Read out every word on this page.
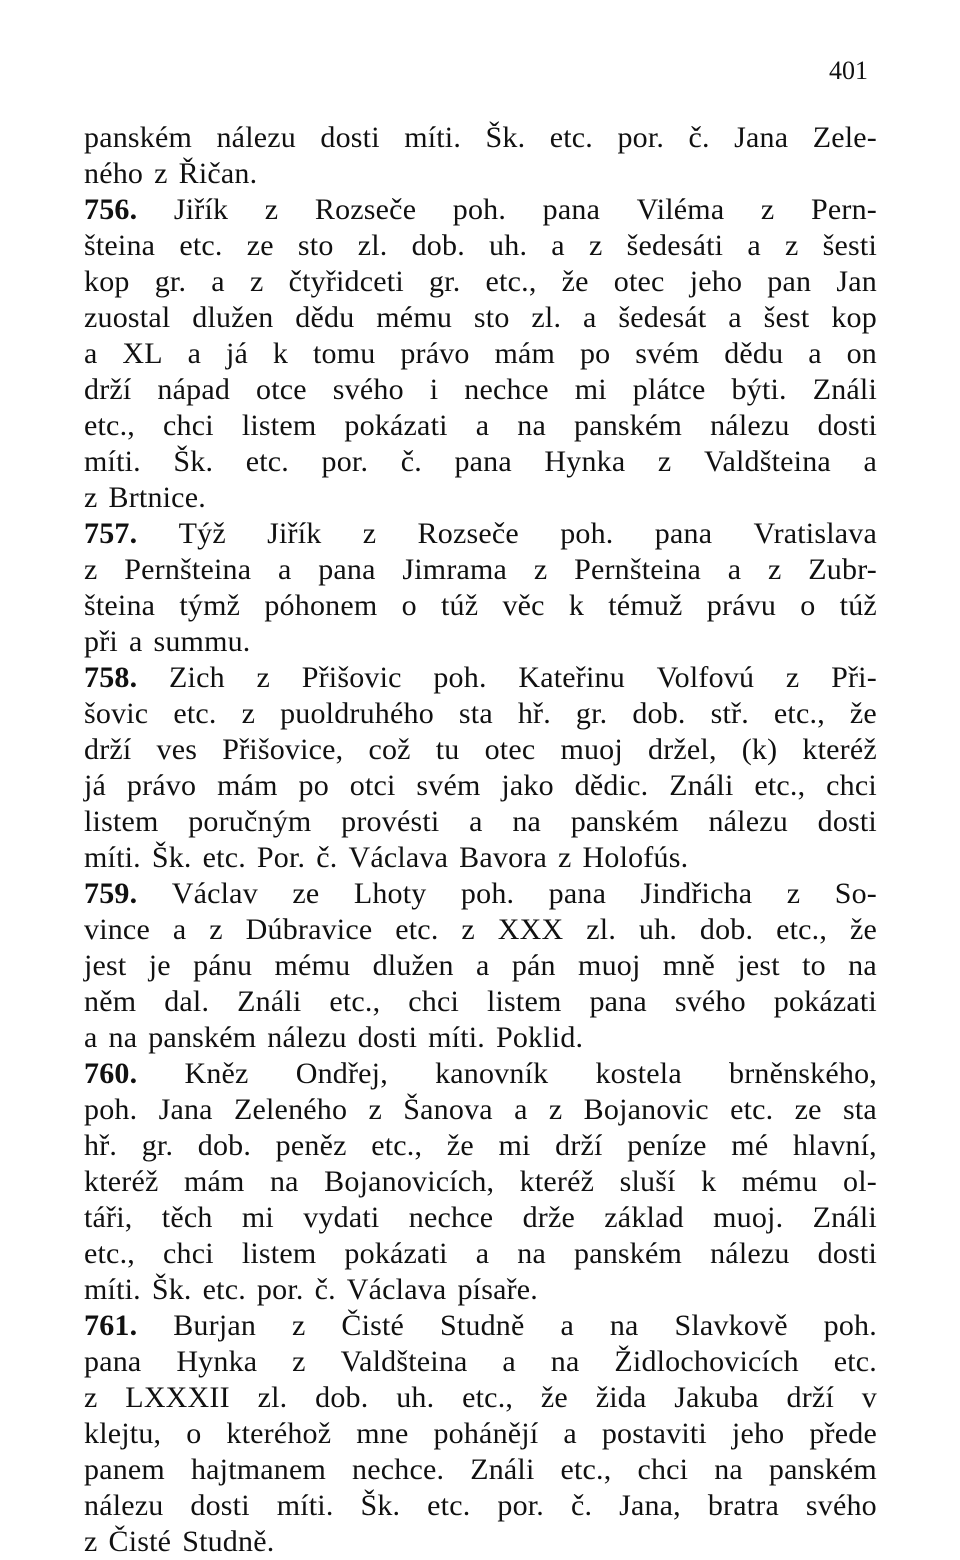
401
panském nálezu dosti míti. Šk. etc. por. č. Jana Zele-
ného z Řičan.
756. Jiřík z Rozseče poh. pana Viléma z Pern-
šteina etc. ze sto zl. dob. uh. a z šedesáti a z šesti
kop gr. a z čtyřidceti gr. etc., že otec jeho pan Jan
zuostal dlužen dědu mému sto zl. a šedesát a šest kop
a XL a já k tomu právo mám po svém dědu a on
drží nápad otce svého i nechce mi plátce býti. Ználi
etc., chci listem pokázati a na panském nálezu dosti
míti. Šk. etc. por. č. pana Hynka z Valdšteina a
z Brtnice.
757. Týž Jiřík z Rozseče poh. pana Vratislava
z Pernšteina a pana Jimrama z Pernšteina a z Zubr-
šteina týmž póhonem o túž věc k témuž právu o túž
při a summu.
758. Zich z Přišovic poh. Kateřinu Volfovú z Při-
šovic etc. z puoldruhého sta hř. gr. dob. stř. etc., že
drží ves Přišovice, což tu otec muoj držel, (k) kteréž
já právo mám po otci svém jako dědic. Ználi etc., chci
listem poručným provésti a na panském nálezu dosti
míti. Šk. etc. Por. č. Václava Bavora z Holofús.
759. Václav ze Lhoty poh. pana Jindřicha z So-
vince a z Dúbravice etc. z XXX zl. uh. dob. etc., že
jest je pánu mému dlužen a pán muoj mně jest to na
něm dal. Ználi etc., chci listem pana svého pokázati
a na panském nálezu dosti míti. Poklid.
760. Kněz Ondřej, kanovník kostela brněnského,
poh. Jana Zeleného z Šanova a z Bojanovic etc. ze sta
hř. gr. dob. peněz etc., že mi drží peníze mé hlavní,
kteréž mám na Bojanovicích, kteréž sluší k mému ol-
táři, těch mi vydati nechce drže základ muoj. Ználi
etc., chci listem pokázati a na panském nálezu dosti
míti. Šk. etc. por. č. Václava písaře.
761. Burjan z Čisté Studně a na Slavkově poh.
pana Hynka z Valdšteina a na Židlochovicích etc.
z LXXXII zl. dob. uh. etc., že žida Jakuba drží v
klejtu, o kteréhož mne pohánějí a postaviti jeho přede
panem hajtmanem nechce. Ználi etc., chci na panském
nálezu dosti míti. Šk. etc. por. č. Jana, bratra svého
z Čisté Studně.
